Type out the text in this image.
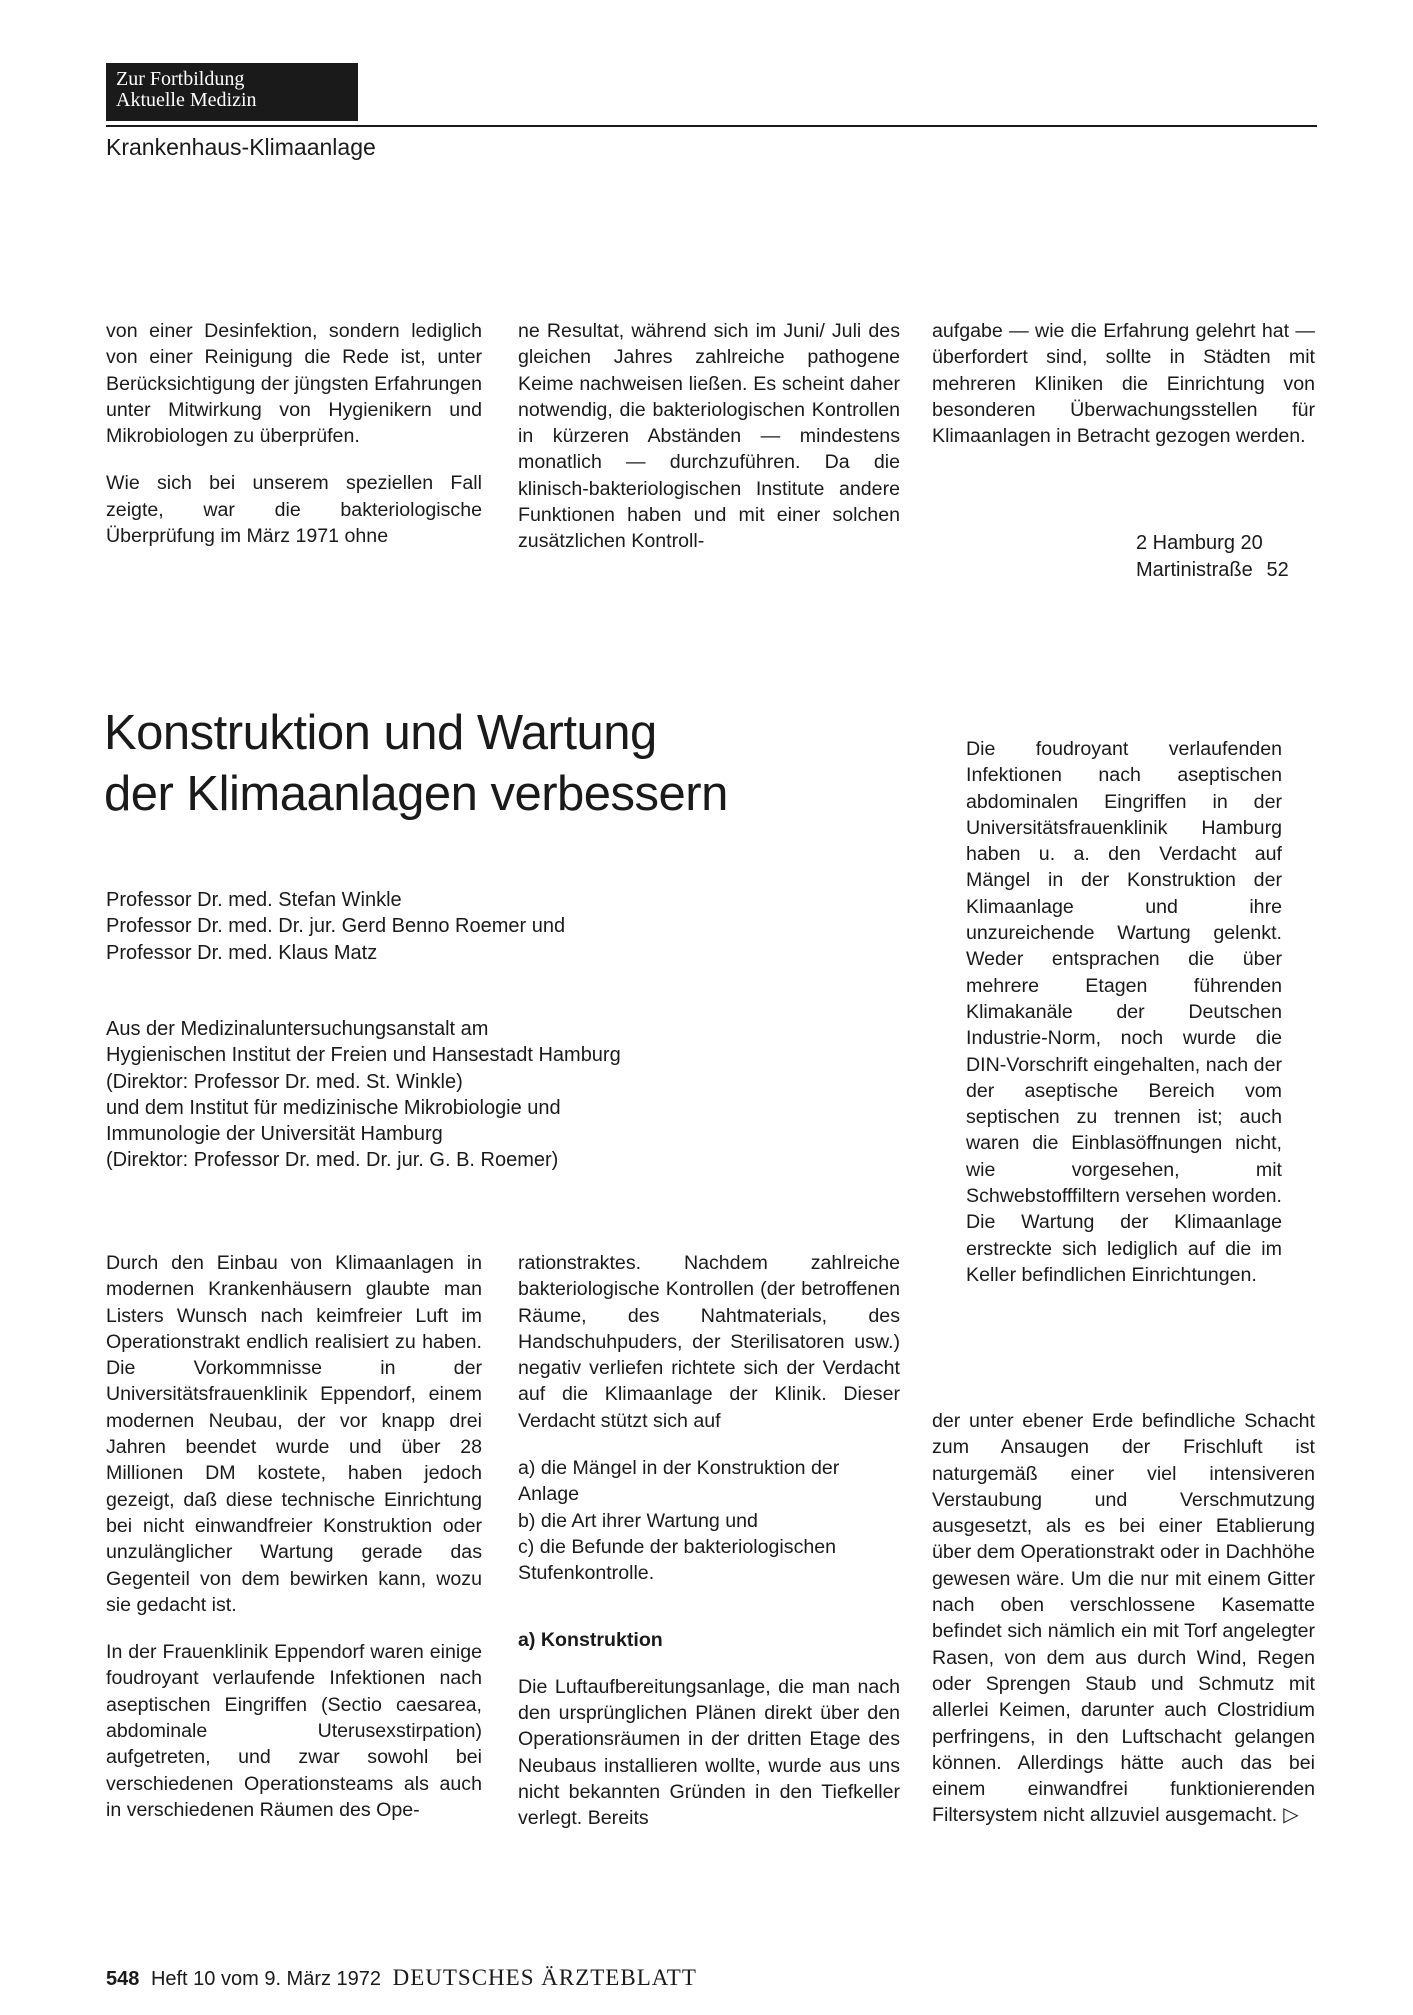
Zur Fortbildung
Aktuelle Medizin
Krankenhaus-Klimaanlage

von einer Desinfektion, sondern lediglich von einer Reinigung die Rede ist, unter Berücksichtigung der jüngsten Erfahrungen unter Mitwirkung von Hygienikern und Mikrobiologen zu überprüfen.

Wie sich bei unserem speziellen Fall zeigte, war die bakteriologische Überprüfung im März 1971 ohne

ne Resultat, während sich im Juni/ Juli des gleichen Jahres zahlreiche pathogene Keime nachweisen ließen. Es scheint daher notwendig, die bakteriologischen Kontrollen in kürzeren Abständen — mindestens monatlich — durchzuführen. Da die klinisch-bakteriologischen Institute andere Funktionen haben und mit einer solchen zusätzlichen Kontroll-

aufgabe — wie die Erfahrung gelehrt hat — überfordert sind, sollte in Städten mit mehreren Kliniken die Einrichtung von besonderen Überwachungsstellen für Klimaanlagen in Betracht gezogen werden.

2 Hamburg 20
Martinistraße 52
Konstruktion und Wartung
der Klimaanlagen verbessern
Professor Dr. med. Stefan Winkle
Professor Dr. med. Dr. jur. Gerd Benno Roemer und
Professor Dr. med. Klaus Matz
Aus der Medizinaluntersuchungsanstalt am
Hygienischen Institut der Freien und Hansestadt Hamburg
(Direktor: Professor Dr. med. St. Winkle)
und dem Institut für medizinische Mikrobiologie und
Immunologie der Universität Hamburg
(Direktor: Professor Dr. med. Dr. jur. G. B. Roemer)

Die foudroyant verlaufenden Infektionen nach aseptischen abdominalen Eingriffen in der Universitätsfrauenklinik Hamburg haben u. a. den Verdacht auf Mängel in der Konstruktion der Klimaanlage und ihre unzureichende Wartung gelenkt. Weder entsprachen die über mehrere Etagen führenden Klimakanäle der Deutschen Industrie-Norm, noch wurde die DIN-Vorschrift eingehalten, nach der der aseptische Bereich vom septischen zu trennen ist; auch waren die Einblasöffnungen nicht, wie vorgesehen, mit Schwebstofffiltern versehen worden. Die Wartung der Klimaanlage erstreckte sich lediglich auf die im Keller befindlichen Einrichtungen.

Durch den Einbau von Klimaanlagen in modernen Krankenhäusern glaubte man Listers Wunsch nach keimfreier Luft im Operationstrakt endlich realisiert zu haben. Die Vorkommnisse in der Universitätsfrauenklinik Eppendorf, einem modernen Neubau, der vor knapp drei Jahren beendet wurde und über 28 Millionen DM kostete, haben jedoch gezeigt, daß diese technische Einrichtung bei nicht einwandfreier Konstruktion oder unzulänglicher Wartung gerade das Gegenteil von dem bewirken kann, wozu sie gedacht ist.

In der Frauenklinik Eppendorf waren einige foudroyant verlaufende Infektionen nach aseptischen Eingriffen (Sectio caesarea, abdominale Uterusexstirpation) aufgetreten, und zwar sowohl bei verschiedenen Operationsteams als auch in verschiedenen Räumen des Ope-

rationstraktes. Nachdem zahlreiche bakteriologische Kontrollen (der betroffenen Räume, des Nahtmaterials, des Handschuhpuders, der Sterilisatoren usw.) negativ verliefen richtete sich der Verdacht auf die Klimaanlage der Klinik. Dieser Verdacht stützt sich auf

a) die Mängel in der Konstruktion der Anlage
b) die Art ihrer Wartung und
c) die Befunde der bakteriologischen Stufenkontrolle.

a) Konstruktion

Die Luftaufbereitungsanlage, die man nach den ursprünglichen Plänen direkt über den Operationsräumen in der dritten Etage des Neubaus installieren wollte, wurde aus uns nicht bekannten Gründen in den Tiefkeller verlegt. Bereits

der unter ebener Erde befindliche Schacht zum Ansaugen der Frischluft ist naturgemäß einer viel intensiveren Verstaubung und Verschmutzung ausgesetzt, als es bei einer Etablierung über dem Operationstrakt oder in Dachhöhe gewesen wäre. Um die nur mit einem Gitter nach oben verschlossene Kasematte befindet sich nämlich ein mit Torf angelegter Rasen, von dem aus durch Wind, Regen oder Sprengen Staub und Schmutz mit allerlei Keimen, darunter auch Clostridium perfringens, in den Luftschacht gelangen können. Allerdings hätte auch das bei einem einwandfrei funktionierenden Filtersystem nicht allzuviel ausgemacht. ▷

548 Heft 10 vom 9. März 1972 DEUTSCHES ÄRZTEBLATT
